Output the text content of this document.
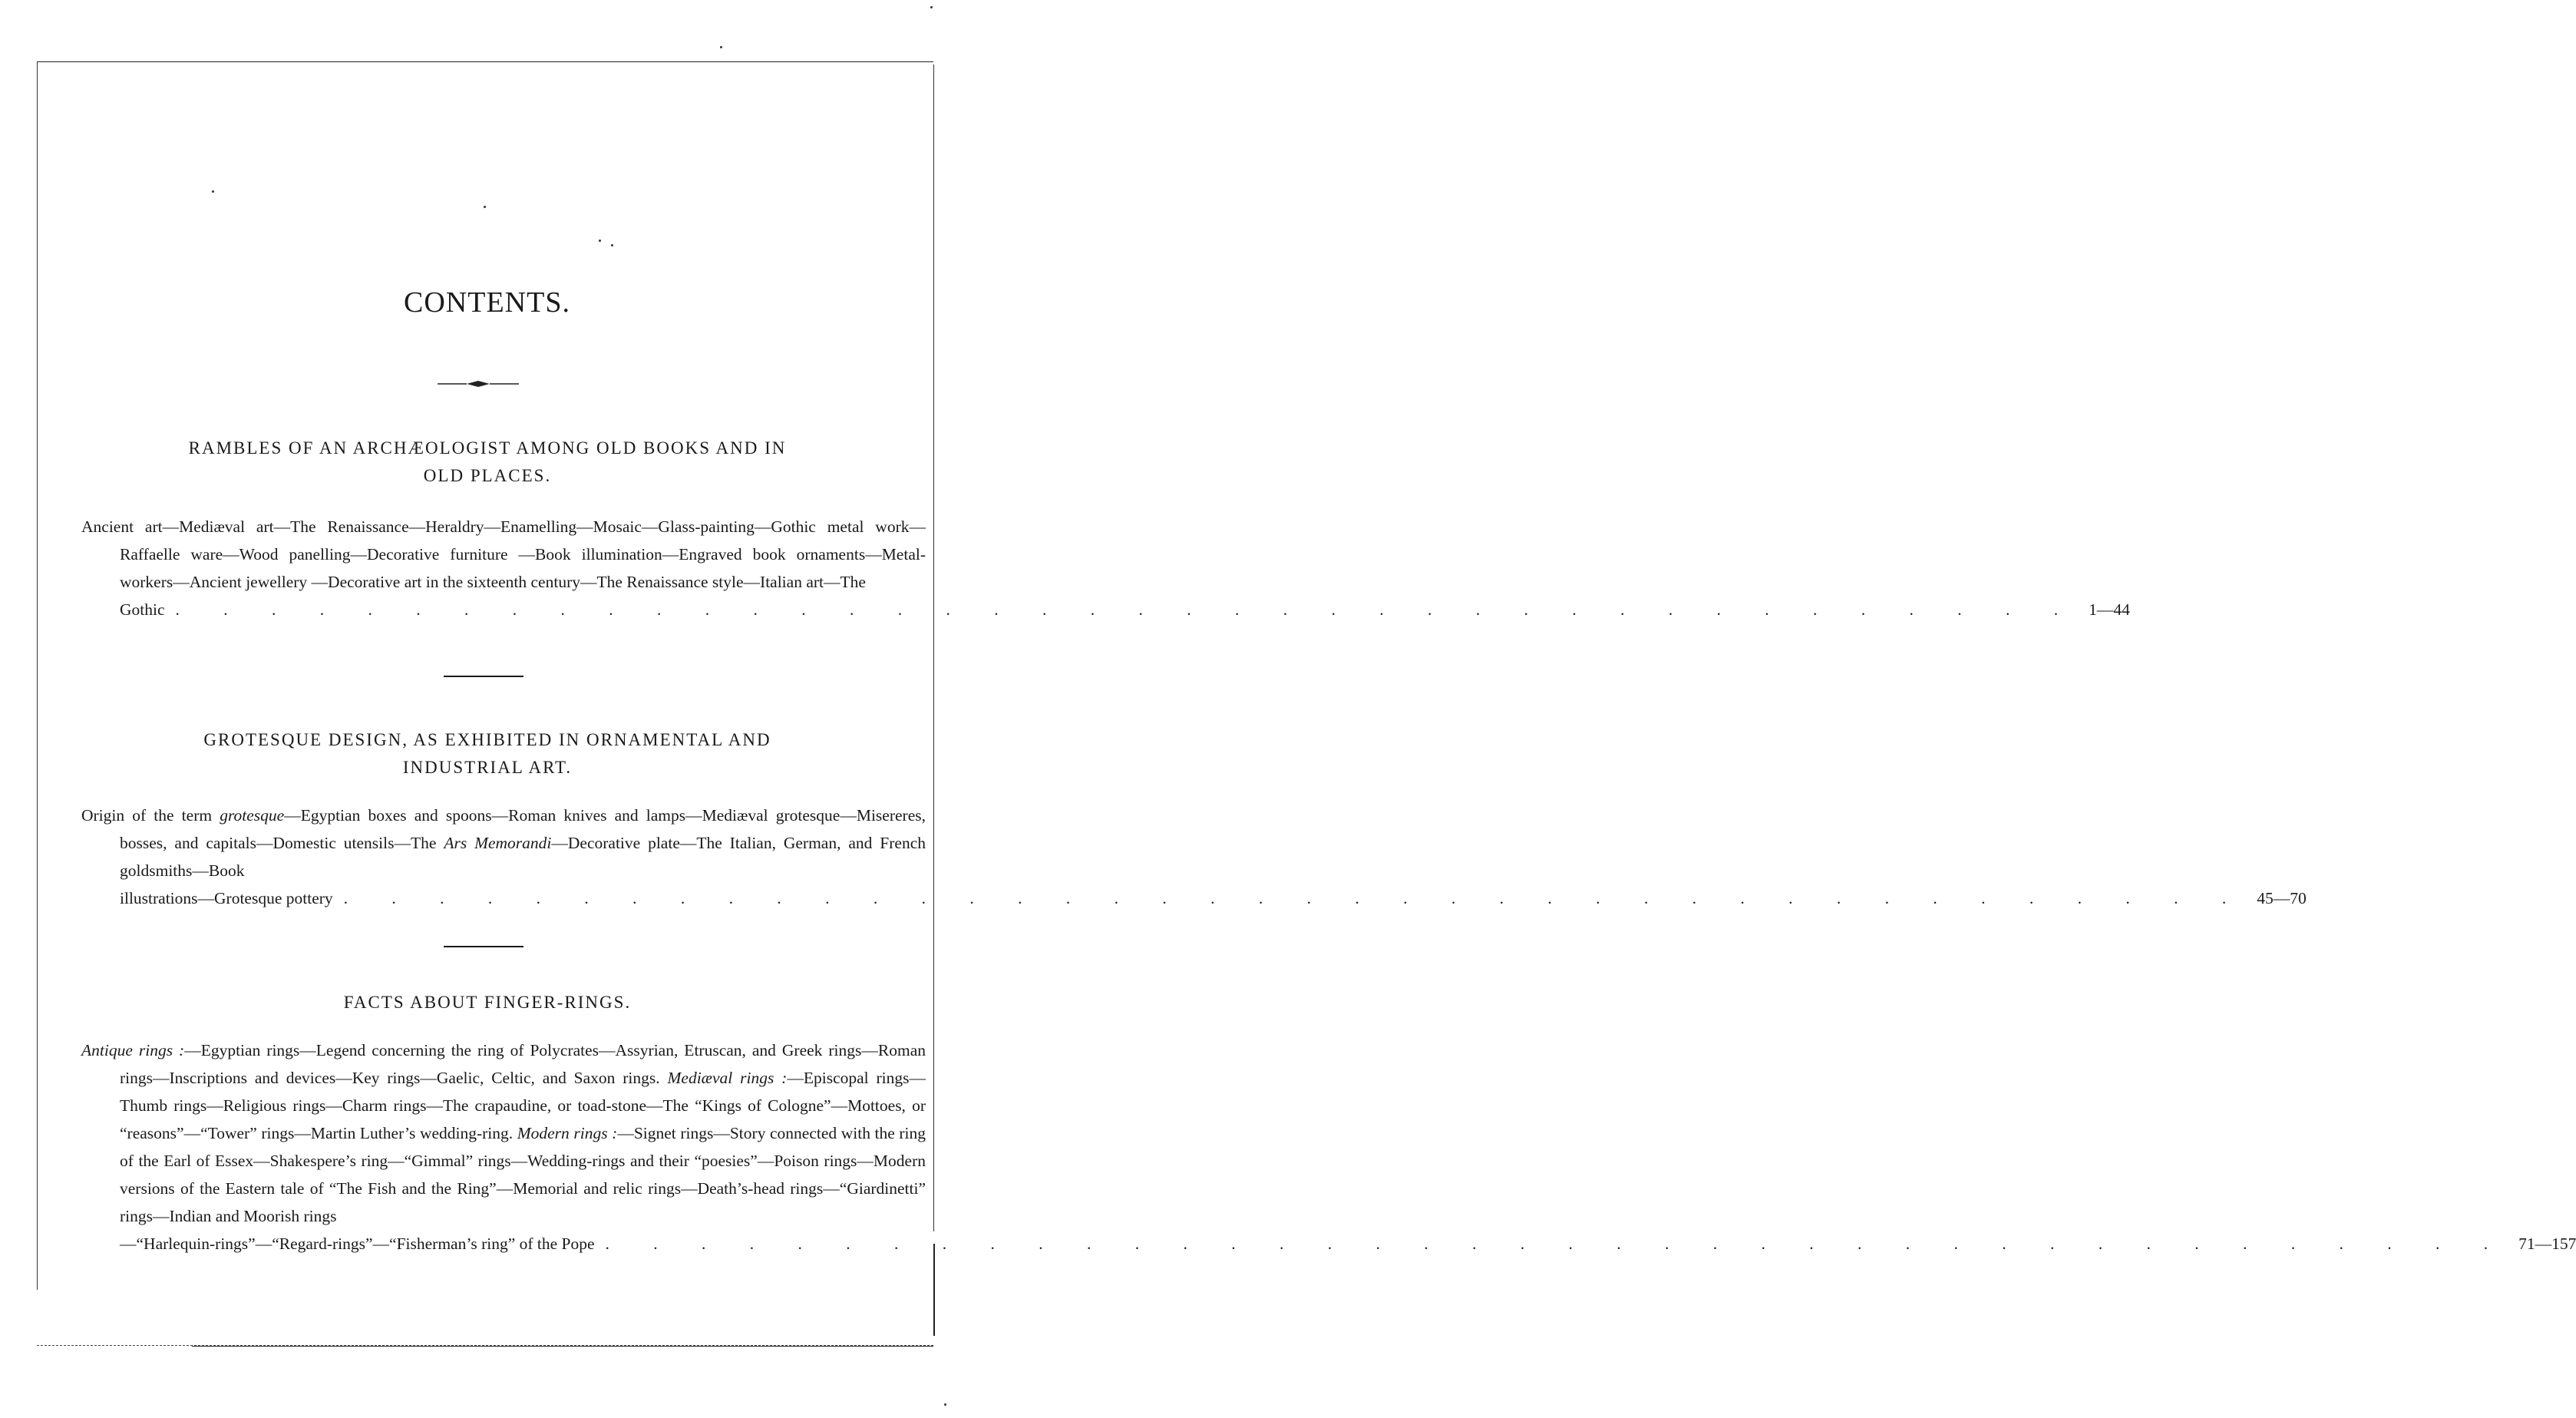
CONTENTS.
RAMBLES OF AN ARCHÆOLOGIST AMONG OLD BOOKS AND IN
OLD PLACES.
Ancient art—Mediæval art—The Renaissance—Heraldry—Enamelling—Mosaic—Glass-painting—Gothic metal work—Raffaelle ware—Wood panelling—Decorative furniture —Book illumination—Engraved book ornaments—Metal-workers—Ancient jewellery —Decorative art in the sixteenth century—The Renaissance style—Italian art—The
Gothic . . . . . . . . . . . . . . . . . . . . . . . . . . . . . . . . . . . . . . . . 1—44
GROTESQUE DESIGN, AS EXHIBITED IN ORNAMENTAL AND
INDUSTRIAL ART.
Origin of the term grotesque—Egyptian boxes and spoons—Roman knives and lamps—Mediæval grotesque—Misereres, bosses, and capitals—Domestic utensils—The Ars Memorandi—Decorative plate—The Italian, German, and French goldsmiths—Book
illustrations—Grotesque pottery . . . . . . . . . . . . . . . . . . . . . . . . . . . . . . . . . . . . . . . . 45—70
FACTS ABOUT FINGER-RINGS.
Antique rings :—Egyptian rings—Legend concerning the ring of Polycrates—Assyrian, Etruscan, and Greek rings—Roman rings—Inscriptions and devices—Key rings—Gaelic, Celtic, and Saxon rings. Mediæval rings :—Episcopal rings—Thumb rings—Religious rings—Charm rings—The crapaudine, or toad-stone—The “Kings of Cologne”—Mottoes, or “reasons”—“Tower” rings—Martin Luther’s wedding-ring. Modern rings :—Signet rings—Story connected with the ring of the Earl of Essex—Shakespere’s ring—“Gimmal” rings—Wedding-rings and their “poesies”—Poison rings—Modern versions of the Eastern tale of “The Fish and the Ring”—Memorial and relic rings—Death’s-head rings—“Giardinetti” rings—Indian and Moorish rings
—“Harlequin-rings”—“Regard-rings”—“Fisherman’s ring” of the Pope . . . . . . . . . . . . . . . . . . . . . . . . . . . . . . . . . . . . . . . . 71—157
